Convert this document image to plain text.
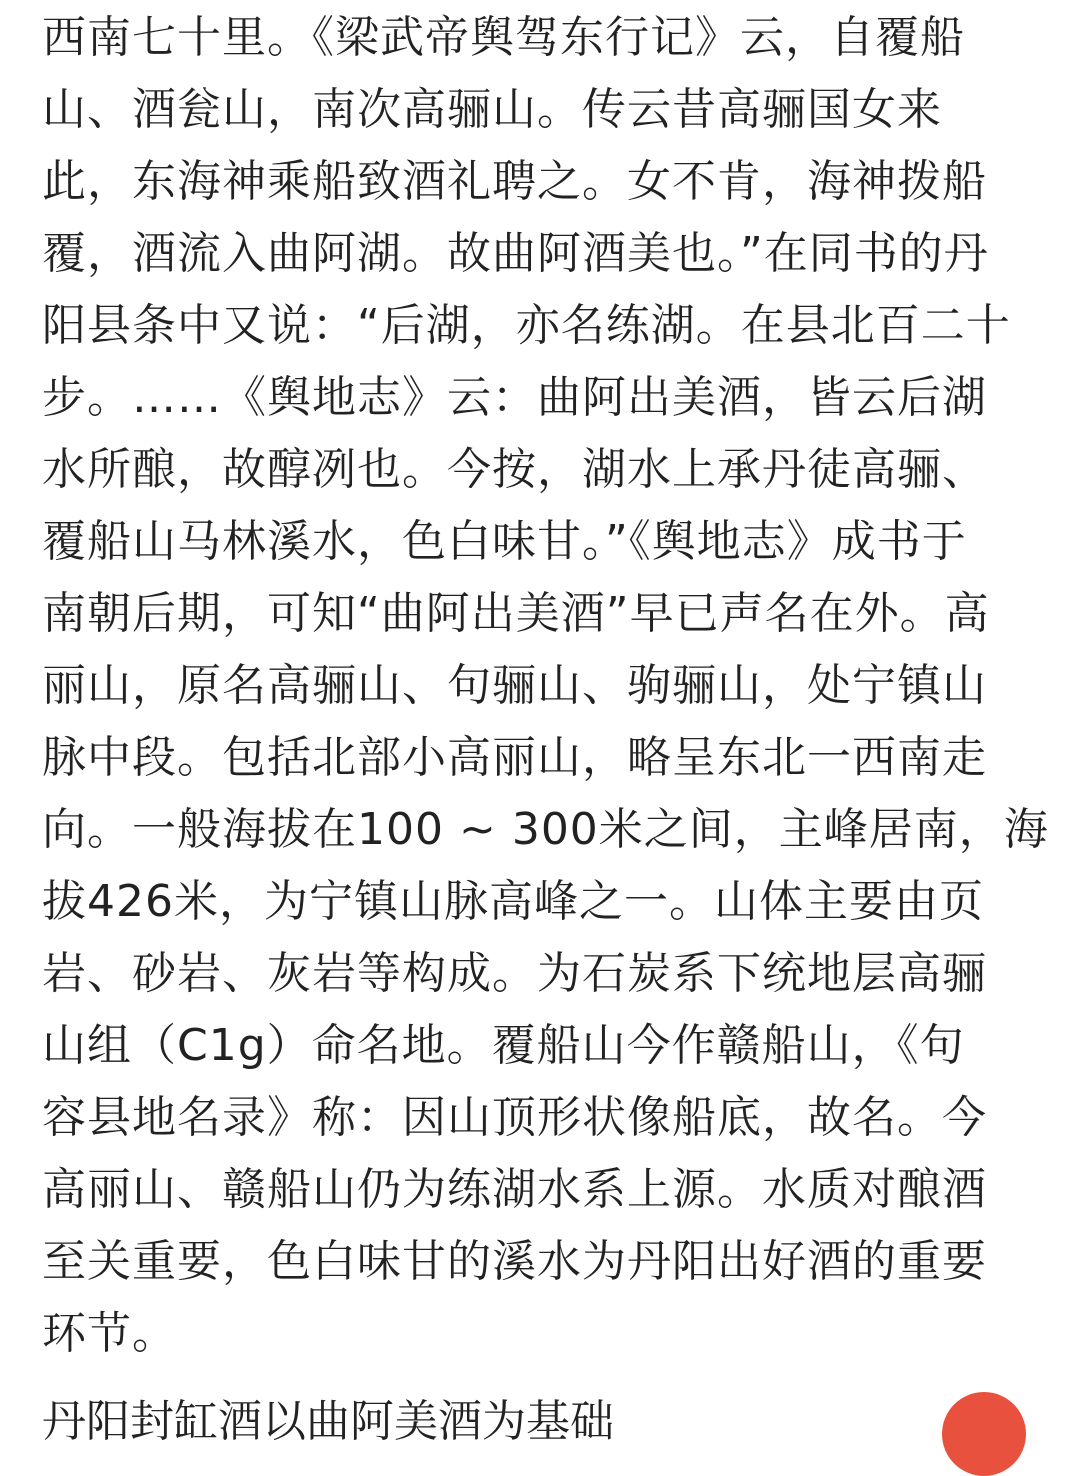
西南七十里。《梁武帝舆驾东行记》云，自覆船
山、酒瓮山，南次高骊山。传云昔高骊国女来
此，东海神乘船致酒礼聘之。女不肯，海神拨船
覆，酒流入曲阿湖。故曲阿酒美也。”在同书的丹
阳县条中又说：“后湖，亦名练湖。在县北百二十
步。……《舆地志》云：曲阿出美酒，皆云后湖
水所酿，故醇冽也。今按，湖水上承丹徒高骊、
覆船山马林溪水，色白味甘。”《舆地志》成书于
南朝后期，可知“曲阿出美酒”早已声名在外。高
丽山，原名高骊山、句骊山、驹骊山，处宁镇山
脉中段。包括北部小高丽山，略呈东北一西南走
向。一般海拔在100 ~ 300米之间，主峰居南，海
拔426米，为宁镇山脉高峰之一。山体主要由页
岩、砂岩、灰岩等构成。为石炭系下统地层高骊
山组（C1g）命名地。覆船山今作赣船山，《句
容县地名录》称：因山顶形状像船底，故名。今
高丽山、赣船山仍为练湖水系上源。水质对酿酒
至关重要，色白味甘的溪水为丹阳出好酒的重要
环节。
丹阳封缸酒以曲阿美酒为基础
